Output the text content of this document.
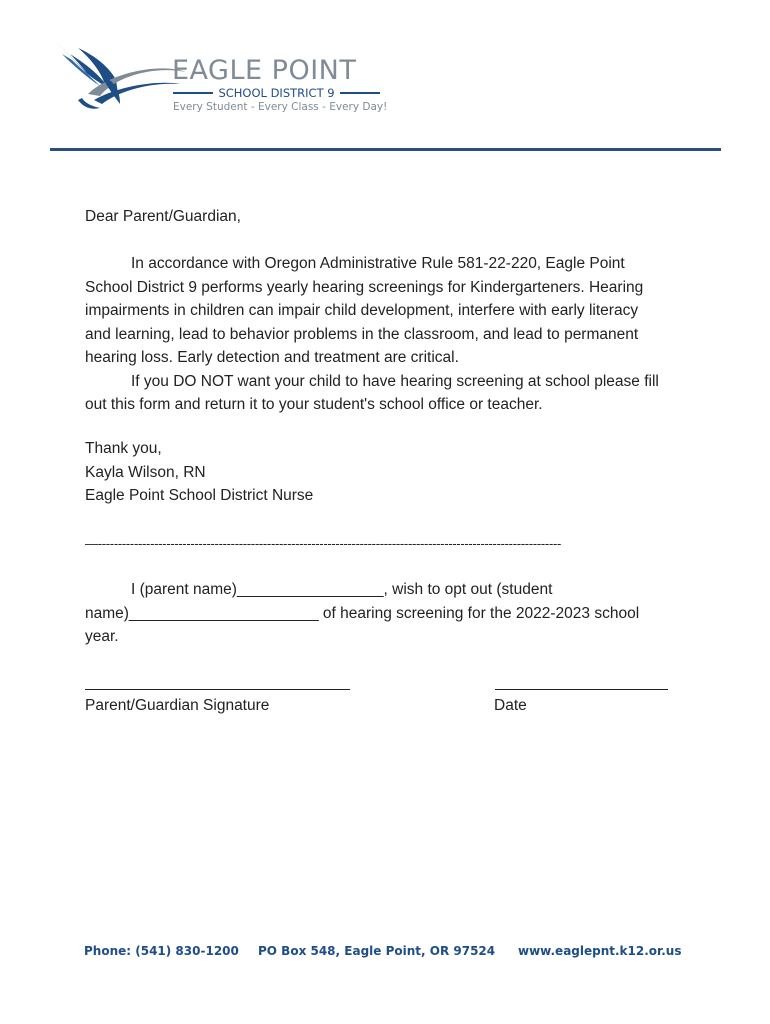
EAGLE POINT
SCHOOL DISTRICT 9
Every Student - Every Class - Every Day!
Dear Parent/Guardian,
In accordance with Oregon Administrative Rule 581-22-220, Eagle Point
School District 9 performs yearly hearing screenings for Kindergarteners. Hearing
impairments in children can impair child development, interfere with early literacy
and learning, lead to behavior problems in the classroom, and lead to permanent
hearing loss. Early detection and treatment are critical.
If you DO NOT want your child to have hearing screening at school please fill
out this form and return it to your student's school office or teacher.
Thank you,
Kayla Wilson, RN
Eagle Point School District Nurse
—-------------------------------------------------------------------------------------------------------------------
I (parent name)_________________, wish to opt out (student
name)______________________ of hearing screening for the 2022-2023 school
year.
Parent/Guardian Signature	Date
Phone: (541) 830-1200 PO Box 548, Eagle Point, OR 97524 www.eaglepnt.k12.or.us
